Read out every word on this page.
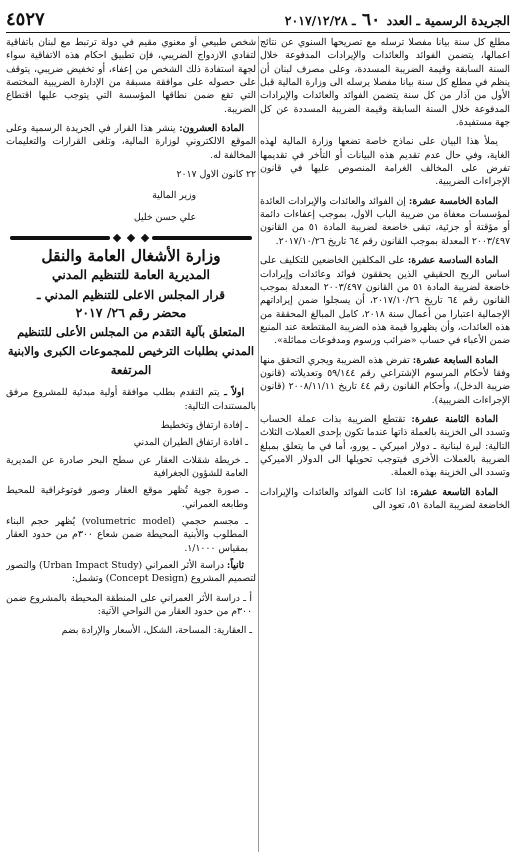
الجريدة الرسمية ـ العدد ٦٠ ـ ٢٠١٧/١٢/٢٨
٤٥٢٧

مطلع كل سنة بيانا مفصلا ترسله مع تصريحها السنوي عن نتائج اعمالها، يتضمن الفوائد والعائدات والإيرادات المدفوعة خلال السنة السابقة وقيمة الضريبة المسددة، وعلى مصرف لبنان أن ينظم في مطلع كل سنة بيانا مفصلا يرسله الى وزارة المالية قبل الأول من آذار من كل سنة يتضمن الفوائد والعائدات والإيرادات المدفوعة خلال السنة السابقة وقيمة الضريبة المسددة عن كل جهة مستفيدة.

يملأ هذا البيان على نماذج خاصة تضعها وزارة المالية لهذه الغاية، وفي حال عدم تقديم هذه البيانات أو التأخر في تقديمها تفرض على المخالف الغرامة المنصوص عليها في قانون الإجراءات الضريبية.

المادة الخامسة عشرة: إن الفوائد والعائدات والإيرادات العائدة لمؤسسات معفاة من ضريبة الباب الاول، بموجب إعفاءات دائمة أو مؤقتة أو جزئية، تبقى خاضعة لضريبة المادة ٥١ من القانون ٢٠٠٣/٤٩٧ المعدلة بموجب القانون رقم ٦٤ تاريخ ٢٠١٧/١٠/٢٦.

المادة السادسة عشرة: على المكلفين الخاضعين للتكليف على اساس الربح الحقيقي الذين يحققون فوائد وعائدات وإيرادات خاضعة لضريبة المادة ٥١ من القانون ٢٠٠٣/٤٩٧ المعدلة بموجب القانون رقم ٦٤ تاريخ ٢٠١٧/١٠/٢٦، أن يسجلوا ضمن إيراداتهم الإجمالية اعتبارا من أعمال سنة ٢٠١٨، كامل المبالغ المحققة من هذه العائدات، وأن يظهروا قيمة هذه الضريبة المقتطعة عند المنبع ضمن الأعباء في حساب «ضرائب ورسوم ومدفوعات مماثلة».

المادة السابعة عشرة: تفرض هذه الضريبة ويجري التحقق منها وفقا لأحكام المرسوم الإشتراعي رقم ٥٩/١٤٤ وتعديلاته (قانون ضريبة الدخل)، وأحكام القانون رقم ٤٤ تاريخ ٢٠٠٨/١١/١١ (قانون الإجراءات الضريبية).

المادة الثامنة عشرة: تقتطع الضريبة بذات عملة الحساب وتسدد الى الخزينة بالعملة ذاتها عندما تكون بإحدى العملات الثلاث التالية: ليرة لبنانية ـ دولار اميركي ـ يورو، أما في ما يتعلق بمبلغ الضريبة بالعملات الأخرى فيتوجب تحويلها الى الدولار الاميركي وتسدد الى الخزينة بهذه العملة.

المادة التاسعة عشرة: اذا كانت الفوائد والعائدات والإيرادات الخاضعة لضريبة المادة ٥١، تعود الى

شخص طبيعي أو معنوي مقيم في دولة ترتبط مع لبنان باتفاقية لتفادي الازدواج الضريبي، فإن تطبيق احكام هذه الاتفاقية سواء لجهة استفادة ذلك الشخص من إعفاء، أو تخفيض ضريبي، يتوقف على حصوله على موافقة مسبقة من الإدارة الضريبية المختصة التي تقع ضمن نطاقها المؤسسة التي يتوجب عليها اقتطاع الضريبة.

المادة العشرون: ينشر هذا القرار في الجريدة الرسمية وعلى الموقع الالكتروني لوزارة المالية، وتلغى القرارات والتعليمات المخالفة له.

٢٢ كانون الاول ٢٠١٧

وزير المالية

علي حسن خليل

وزارة الأشغال العامة والنقل

المديرية العامة للتنظيم المدني

قرار المجلس الاعلى للتنظيم المدني ـ

محضر رقم ٢٦/ ٢٠١٧

المتعلق بآلية التقدم من المجلس الأعلى للتنظيم المدني بطلبات الترخيص للمجموعات الكبرى والابنية المرتفعة

اولاً ـ يتم التقدم بطلب موافقة أولية مبدئية للمشروع مرفق بالمستندات التالية:

ـ إفادة ارتفاق وتخطيط

ـ افادة ارتفاق الطيران المدني

ـ خريطة شقلات العقار عن سطح البحر صادرة عن المديرية العامة للشؤون الجغرافية

ـ صورة جوية تُظهر موقع العقار وصور فوتوغرافية للمحيط وطابعه العمراني.

ـ مجسم حجمي (volumetric model) يُظهر حجم البناء المطلوب والأبنية المحيطة ضمن شعاع ٣٠٠م من حدود العقار بمقياس ١/١٠٠٠.

ثانياً: دراسة الأثر العمراني (Urban Impact Study) والتصور لتصميم المشروع (Concept Design) وتشمل:

أ ـ دراسة الأثر العمراني على المنطقة المحيطة بالمشروع ضمن ٣٠٠م من حدود العقار من النواحي الآتية:

ـ العقارية: المساحة، الشكل، الأسعار والإرادة بضم
